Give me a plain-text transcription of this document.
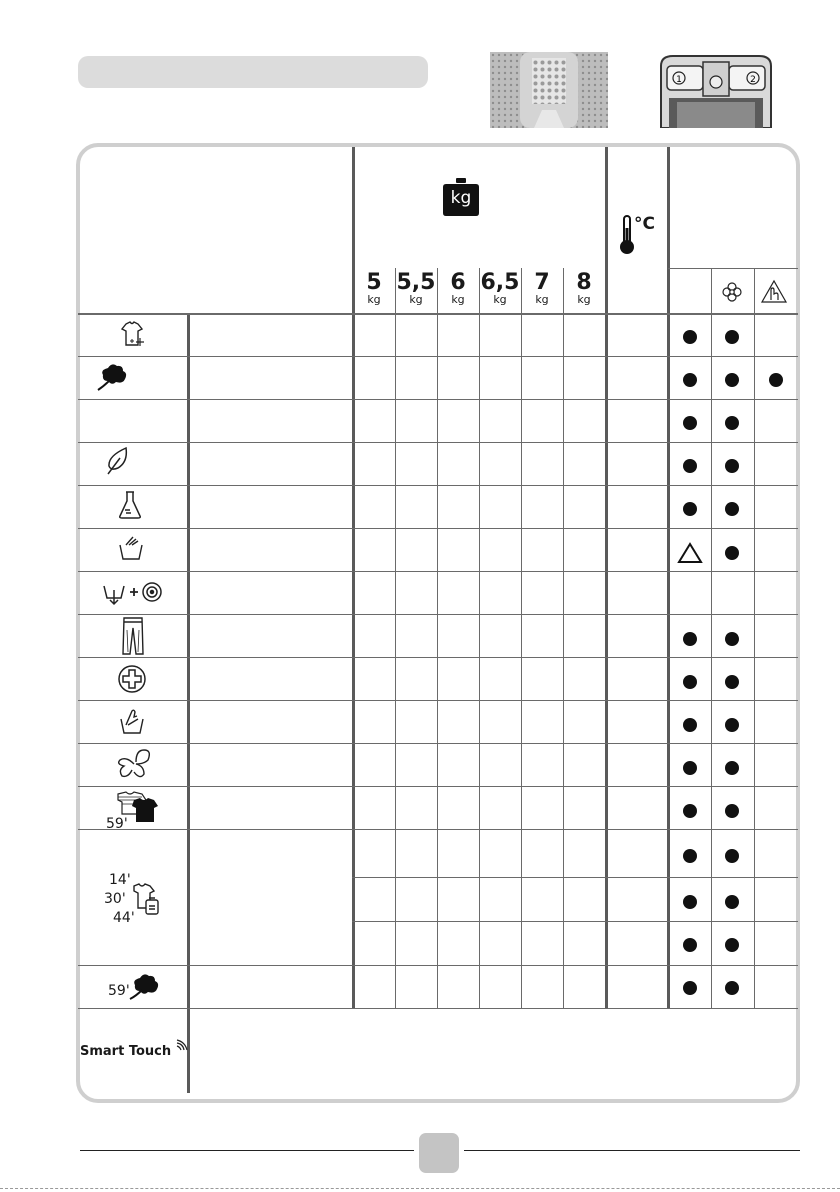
1	2
kg
°C
5
kg
5,5
kg
6
kg
6,5
kg
7
kg
8
kg
59'
14'
30'
44'
59'
Smart Touch
